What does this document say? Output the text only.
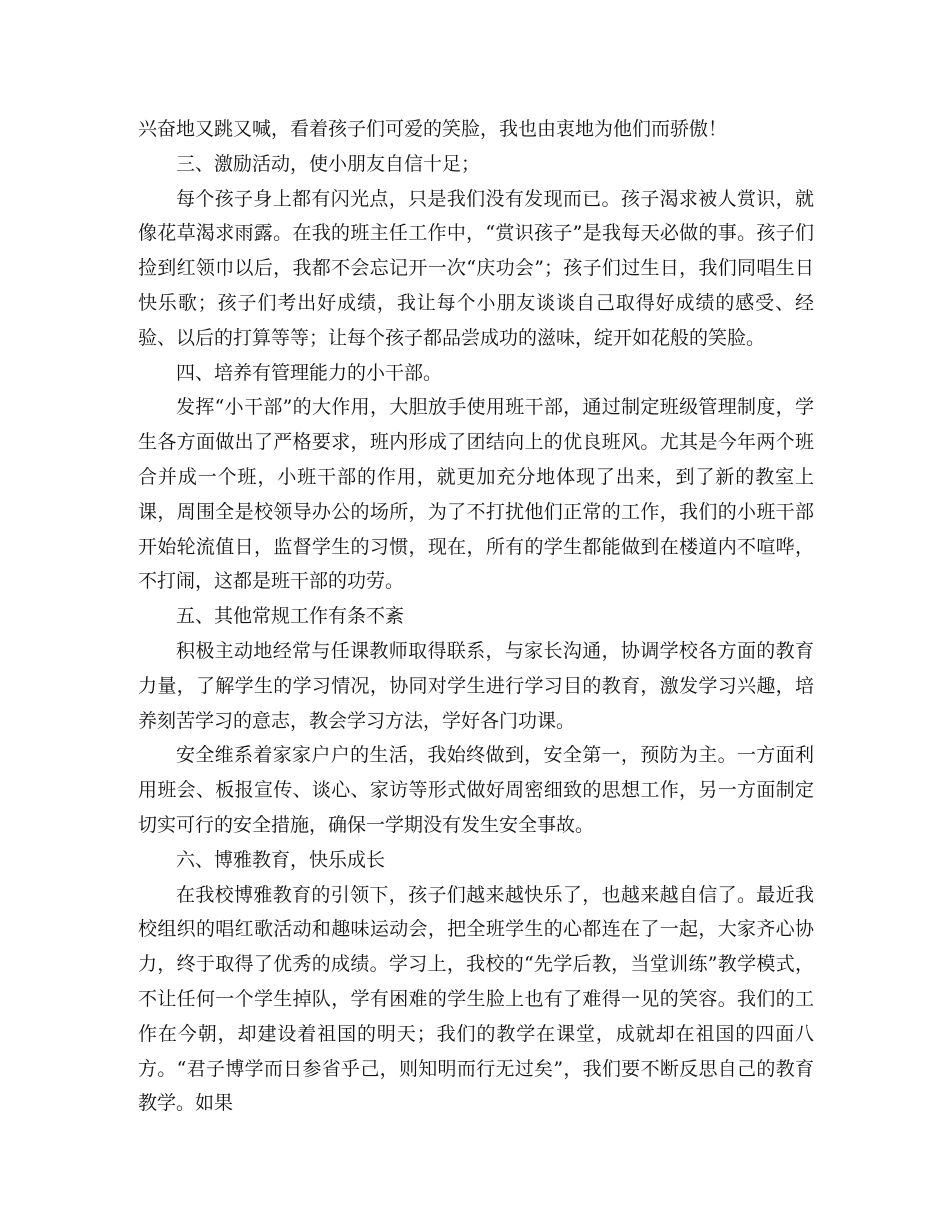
兴奋地又跳又喊，看着孩子们可爱的笑脸，我也由衷地为他们而骄傲！

三、激励活动，使小朋友自信十足；

每个孩子身上都有闪光点，只是我们没有发现而已。孩子渴求被人赏识，就像花草渴求雨露。在我的班主任工作中，“赏识孩子”是我每天必做的事。孩子们捡到红领巾以后，我都不会忘记开一次“庆功会”；孩子们过生日，我们同唱生日快乐歌；孩子们考出好成绩，我让每个小朋友谈谈自己取得好成绩的感受、经验、以后的打算等等；让每个孩子都品尝成功的滋味，绽开如花般的笑脸。

四、培养有管理能力的小干部。

发挥“小干部”的大作用，大胆放手使用班干部，通过制定班级管理制度，学生各方面做出了严格要求，班内形成了团结向上的优良班风。尤其是今年两个班合并成一个班，小班干部的作用，就更加充分地体现了出来，到了新的教室上课，周围全是校领导办公的场所，为了不打扰他们正常的工作，我们的小班干部开始轮流值日，监督学生的习惯，现在，所有的学生都能做到在楼道内不喧哗，不打闹，这都是班干部的功劳。

五、其他常规工作有条不紊

积极主动地经常与任课教师取得联系，与家长沟通，协调学校各方面的教育力量，了解学生的学习情况，协同对学生进行学习目的教育，激发学习兴趣，培养刻苦学习的意志，教会学习方法，学好各门功课。

安全维系着家家户户的生活，我始终做到，安全第一，预防为主。一方面利用班会、板报宣传、谈心、家访等形式做好周密细致的思想工作，另一方面制定切实可行的安全措施，确保一学期没有发生安全事故。

六、博雅教育，快乐成长

在我校博雅教育的引领下，孩子们越来越快乐了，也越来越自信了。最近我校组织的唱红歌活动和趣味运动会，把全班学生的心都连在了一起，大家齐心协力，终于取得了优秀的成绩。学习上，我校的“先学后教，当堂训练”教学模式，不让任何一个学生掉队，学有困难的学生脸上也有了难得一见的笑容。我们的工作在今朝，却建设着祖国的明天；我们的教学在课堂，成就却在祖国的四面八方。“君子博学而日参省乎己，则知明而行无过矣”，我们要不断反思自己的教育教学。如果
